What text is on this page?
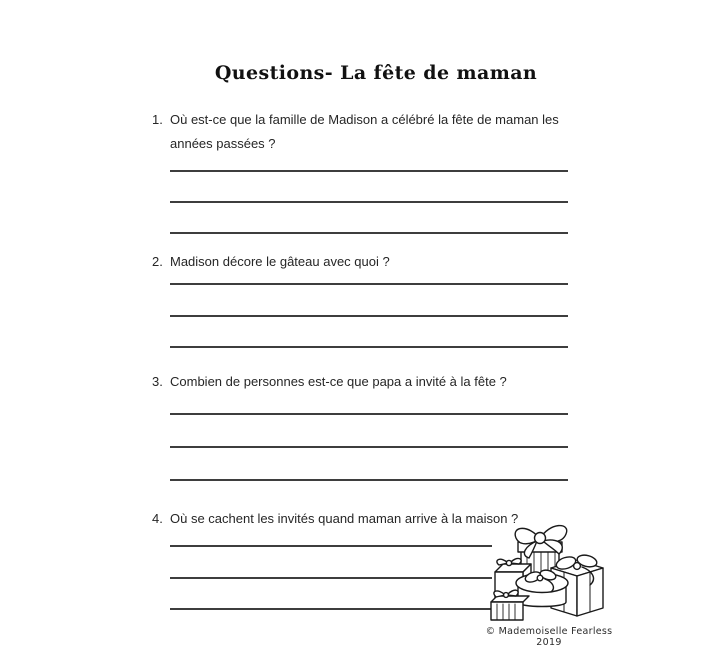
Questions- La fête de maman
1. Où est-ce que la famille de Madison a célébré la fête de maman les années passées ?
2. Madison décore le gâteau avec quoi ?
3. Combien de personnes est-ce que papa a invité à la fête ?
4. Où se cachent les invités quand maman arrive à la maison ?
© Mademoiselle Fearless 2019
